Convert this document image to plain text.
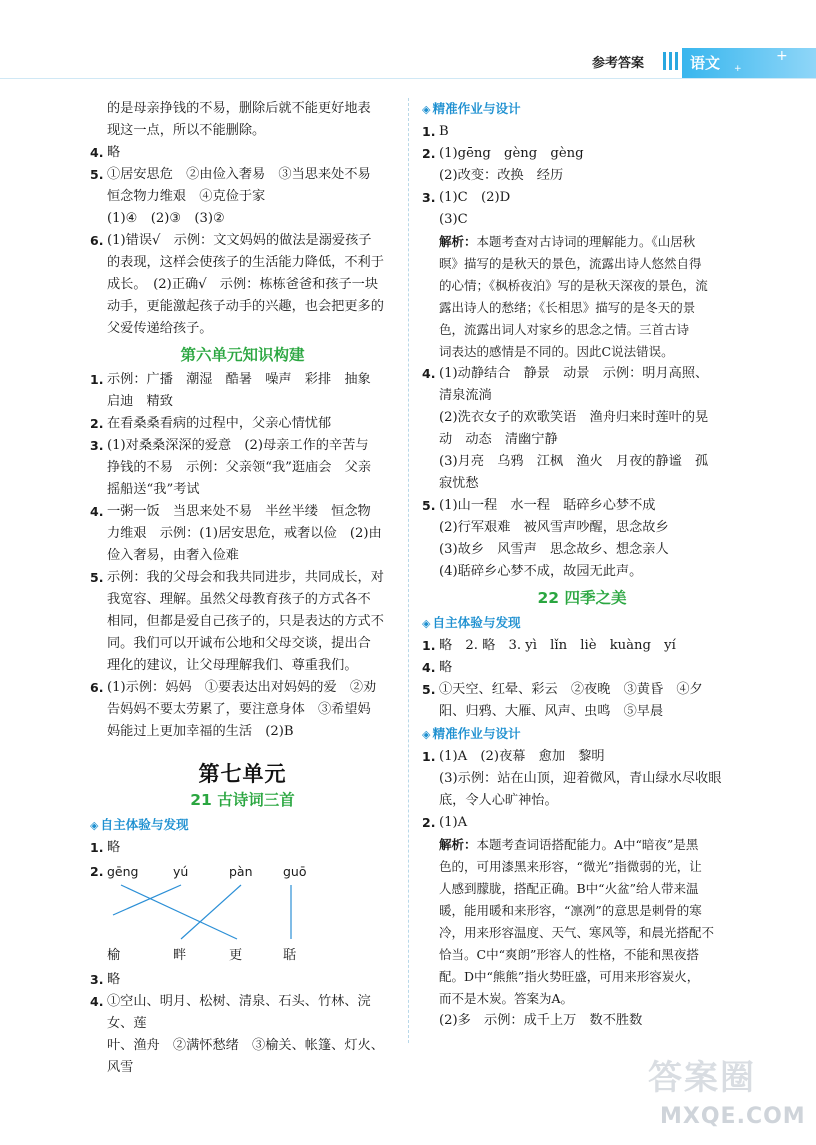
参考答案	语文	+
+

的是母亲挣钱的不易，删除后就不能更好地表

现这一点，所以不能删除。

4. 略
5. ①居安思危　②由俭入奢易　③当思来处不易
恒念物力维艰　④克俭于家
(1)④　(2)③　(3)②
6. (1)错误√　示例：文文妈妈的做法是溺爱孩子
的表现，这样会使孩子的生活能力降低，不利于
成长。　(2)正确√　示例：栋栋爸爸和孩子一块
动手，更能激起孩子动手的兴趣，也会把更多的
父爱传递给孩子。
第六单元知识构建
1. 示例：广播　潮湿　酷暑　噪声　彩排　抽象
启迪　精致
2. 在看桑桑看病的过程中，父亲心情忧郁
3. (1)对桑桑深深的爱意　(2)母亲工作的辛苦与
挣钱的不易　示例：父亲领“我”逛庙会　父亲
摇船送“我”考试
4. 一粥一饭　当思来处不易　半丝半缕　恒念物
力维艰　示例：(1)居安思危，戒奢以俭　(2)由
俭入奢易，由奢入俭难
5. 示例：我的父母会和我共同进步，共同成长，对
我宽容、理解。虽然父母教育孩子的方式各不
相同，但都是爱自己孩子的，只是表达的方式不
同。我们可以开诚布公地和父母交谈，提出合
理化的建议，让父母理解我们、尊重我们。
6. (1)示例：妈妈　①要表达出对妈妈的爱　②劝
告妈妈不要太劳累了，要注意身体　③希望妈
妈能过上更加幸福的生活　(2)B
第七单元
21 古诗词三首

◈ 自主体验与发现

1. 略
2. gēng	yú	pàn guō
榆	畔	更	聒
3. 略
4. ①空山、明月、松树、清泉、石头、竹林、浣女、莲
叶、渔舟　②满怀愁绪　③榆关、帐篷、灯火、
风雪

◈ 精准作业与设计

1. B
2. (1)gēng　gèng　gèng
(2)改变：改换　经历
3. (1)C　(2)D
(3)C
解析：本题考查对古诗词的理解能力。《山居秋
暝》描写的是秋天的景色，流露出诗人悠然自得
的心情；《枫桥夜泊》写的是秋天深夜的景色，流
露出诗人的愁绪；《长相思》描写的是冬天的景
色，流露出词人对家乡的思念之情。三首古诗
词表达的感情是不同的。因此C说法错误。
4. (1)动静结合　静景　动景　示例：明月高照、
清泉流淌
(2)洗衣女子的欢歌笑语　渔舟归来时莲叶的晃
动　动态　清幽宁静
(3)月亮　乌鸦　江枫　渔火　月夜的静谧　孤
寂忧愁
5. (1)山一程　水一程　聒碎乡心梦不成
(2)行军艰难　被风雪声吵醒，思念故乡
(3)故乡　风雪声　思念故乡、想念亲人
(4)聒碎乡心梦不成，故园无此声。
22 四季之美

◈ 自主体验与发现

1. 略　2. 略　3. yì　lǐn　liè　kuàng　yí
4. 略
5. ①天空、红晕、彩云　②夜晚　③黄昏　④夕
阳、归鸦、大雁、风声、虫鸣　⑤早晨

◈ 精准作业与设计

1. (1)A　(2)夜幕　愈加　黎明
(3)示例：站在山顶，迎着微风，青山绿水尽收眼
底，令人心旷神怡。
2. (1)A
解析：本题考查词语搭配能力。A中“暗夜”是黑
色的，可用漆黑来形容，“微光”指微弱的光，让
人感到朦胧，搭配正确。B中“火盆”给人带来温
暖，能用暖和来形容，“凛冽”的意思是刺骨的寒
冷，用来形容温度、天气、寒风等，和晨光搭配不
恰当。C中“爽朗”形容人的性格，不能和黑夜搭
配。D中“熊熊”指火势旺盛，可用来形容炭火，
而不是木炭。答案为A。
(2)多　示例：成千上万　数不胜数
答案圈
MXQE.COM
